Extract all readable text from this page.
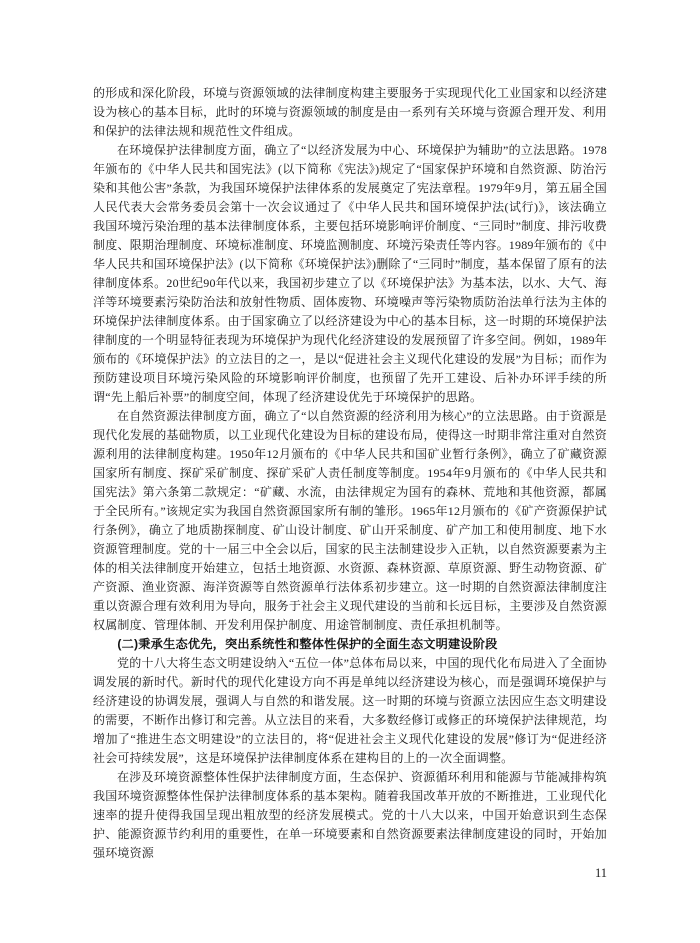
的形成和深化阶段，环境与资源领域的法律制度构建主要服务于实现现代化工业国家和以经济建设为核心的基本目标，此时的环境与资源领域的制度是由一系列有关环境与资源合理开发、利用和保护的法律法规和规范性文件组成。

在环境保护法律制度方面，确立了“以经济发展为中心、环境保护为辅助”的立法思路。1978年颁布的《中华人民共和国宪法》(以下简称《宪法》)规定了“国家保护环境和自然资源、防治污染和其他公害”条款，为我国环境保护法律体系的发展奠定了宪法章程。1979年9月，第五届全国人民代表大会常务委员会第十一次会议通过了《中华人民共和国环境保护法(试行)》，该法确立我国环境污染治理的基本法律制度体系，主要包括环境影响评价制度、“三同时”制度、排污收费制度、限期治理制度、环境标准制度、环境监测制度、环境污染责任等内容。1989年颁布的《中华人民共和国环境保护法》(以下简称《环境保护法》)删除了“三同时”制度，基本保留了原有的法律制度体系。20世纪90年代以来，我国初步建立了以《环境保护法》为基本法，以水、大气、海洋等环境要素污染防治法和放射性物质、固体废物、环境噪声等污染物质防治法单行法为主体的环境保护法律制度体系。由于国家确立了以经济建设为中心的基本目标，这一时期的环境保护法律制度的一个明显特征表现为环境保护为现代化经济建设的发展预留了许多空间。例如，1989年颁布的《环境保护法》的立法目的之一，是以“促进社会主义现代化建设的发展”为目标；而作为预防建设项目环境污染风险的环境影响评价制度，也预留了先开工建设、后补办环评手续的所谓“先上船后补票”的制度空间，体现了经济建设优先于环境保护的思路。

在自然资源法律制度方面，确立了“以自然资源的经济利用为核心”的立法思路。由于资源是现代化发展的基础物质，以工业现代化建设为目标的建设布局，使得这一时期非常注重对自然资源利用的法律制度构建。1950年12月颁布的《中华人民共和国矿业暂行条例》，确立了矿藏资源国家所有制度、探矿采矿制度、探矿采矿人责任制度等制度。1954年9月颁布的《中华人民共和国宪法》第六条第二款规定：“矿藏、水流，由法律规定为国有的森林、荒地和其他资源，都属于全民所有。”该规定实为我国自然资源国家所有制的雏形。1965年12月颁布的《矿产资源保护试行条例》，确立了地质勘探制度、矿山设计制度、矿山开采制度、矿产加工和使用制度、地下水资源管理制度。党的十一届三中全会以后，国家的民主法制建设步入正轨，以自然资源要素为主体的相关法律制度开始建立，包括土地资源、水资源、森林资源、草原资源、野生动物资源、矿产资源、渔业资源、海洋资源等自然资源单行法体系初步建立。这一时期的自然资源法律制度注重以资源合理有效利用为导向，服务于社会主义现代建设的当前和长远目标，主要涉及自然资源权属制度、管理体制、开发利用保护制度、用途管制制度、责任承担机制等。

(二)秉承生态优先，突出系统性和整体性保护的全面生态文明建设阶段

党的十八大将生态文明建设纳入“五位一体”总体布局以来，中国的现代化布局进入了全面协调发展的新时代。新时代的现代化建设方向不再是单纯以经济建设为核心，而是强调环境保护与经济建设的协调发展，强调人与自然的和谐发展。这一时期的环境与资源立法因应生态文明建设的需要，不断作出修订和完善。从立法目的来看，大多数经修订或修正的环境保护法律规范，均增加了“推进生态文明建设”的立法目的，将“促进社会主义现代化建设的发展”修订为“促进经济社会可持续发展”，这是环境保护法律制度体系在建构目的上的一次全面调整。

在涉及环境资源整体性保护法律制度方面，生态保护、资源循环利用和能源与节能减排构筑我国环境资源整体性保护法律制度体系的基本架构。随着我国改革开放的不断推进，工业现代化速率的提升使得我国呈现出粗放型的经济发展模式。党的十八大以来，中国开始意识到生态保护、能源资源节约利用的重要性，在单一环境要素和自然资源要素法律制度建设的同时，开始加强环境资源

11
